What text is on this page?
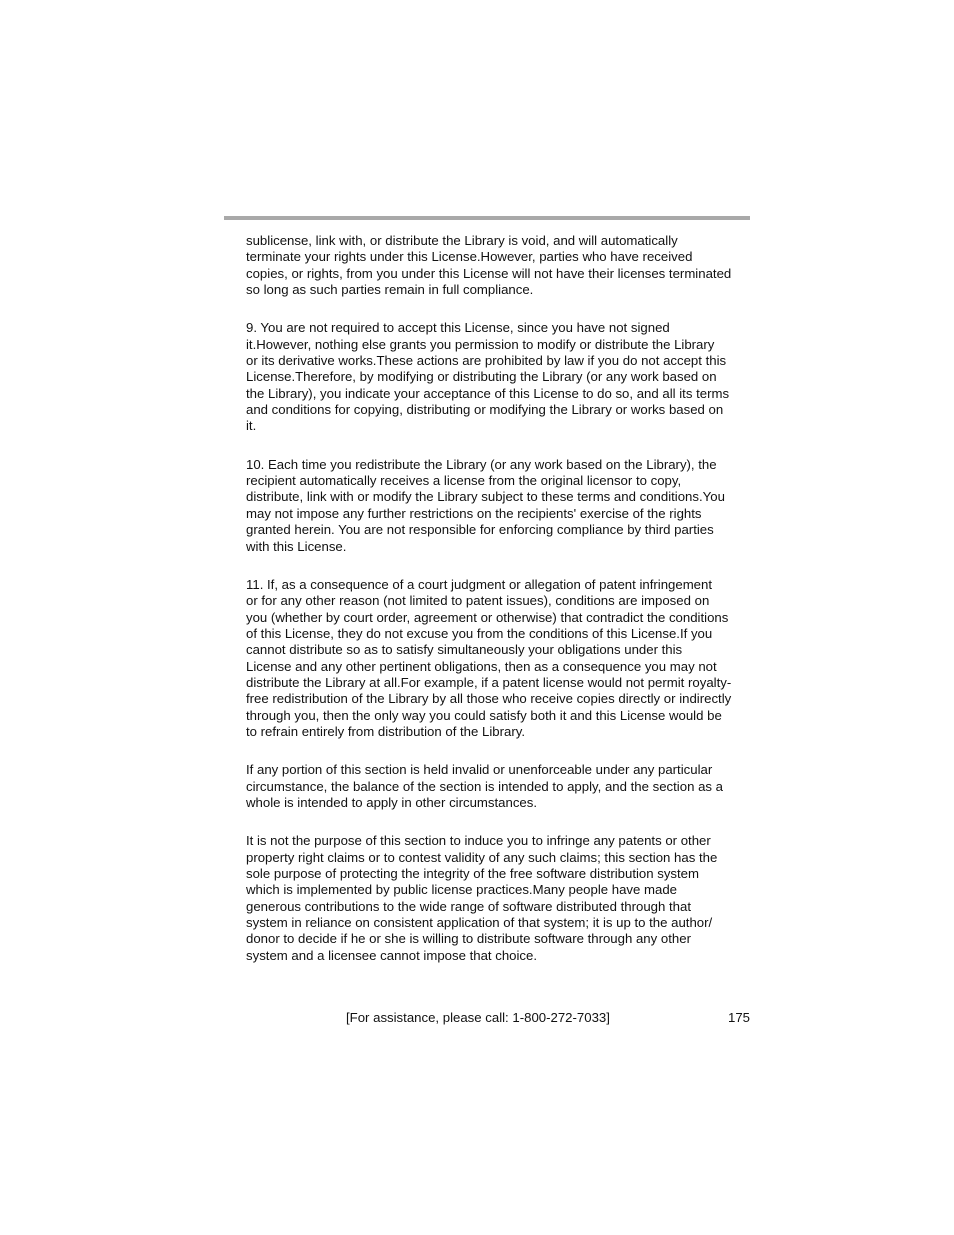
sublicense, link with, or distribute the Library is void, and will automatically
terminate your rights under this License.However, parties who have received
copies, or rights, from you under this License will not have their licenses terminated
so long as such parties remain in full compliance.

9. You are not required to accept this License, since you have not signed
it.However, nothing else grants you permission to modify or distribute the Library
or its derivative works.These actions are prohibited by law if you do not accept this
License.Therefore, by modifying or distributing the Library (or any work based on
the Library), you indicate your acceptance of this License to do so, and all its terms
and conditions for copying, distributing or modifying the Library or works based on
it.

10. Each time you redistribute the Library (or any work based on the Library), the
recipient automatically receives a license from the original licensor to copy,
distribute, link with or modify the Library subject to these terms and conditions.You
may not impose any further restrictions on the recipients' exercise of the rights
granted herein. You are not responsible for enforcing compliance by third parties
with this License.

11. If, as a consequence of a court judgment or allegation of patent infringement
or for any other reason (not limited to patent issues), conditions are imposed on
you (whether by court order, agreement or otherwise) that contradict the conditions
of this License, they do not excuse you from the conditions of this License.If you
cannot distribute so as to satisfy simultaneously your obligations under this
License and any other pertinent obligations, then as a consequence you may not
distribute the Library at all.For example, if a patent license would not permit royalty-
free redistribution of the Library by all those who receive copies directly or indirectly
through you, then the only way you could satisfy both it and this License would be
to refrain entirely from distribution of the Library.

If any portion of this section is held invalid or unenforceable under any particular
circumstance, the balance of the section is intended to apply, and the section as a
whole is intended to apply in other circumstances.

It is not the purpose of this section to induce you to infringe any patents or other
property right claims or to contest validity of any such claims; this section has the
sole purpose of protecting the integrity of the free software distribution system
which is implemented by public license practices.Many people have made
generous contributions to the wide range of software distributed through that
system in reliance on consistent application of that system; it is up to the author/
donor to decide if he or she is willing to distribute software through any other
system and a licensee cannot impose that choice.

[For assistance, please call: 1-800-272-7033]	175
